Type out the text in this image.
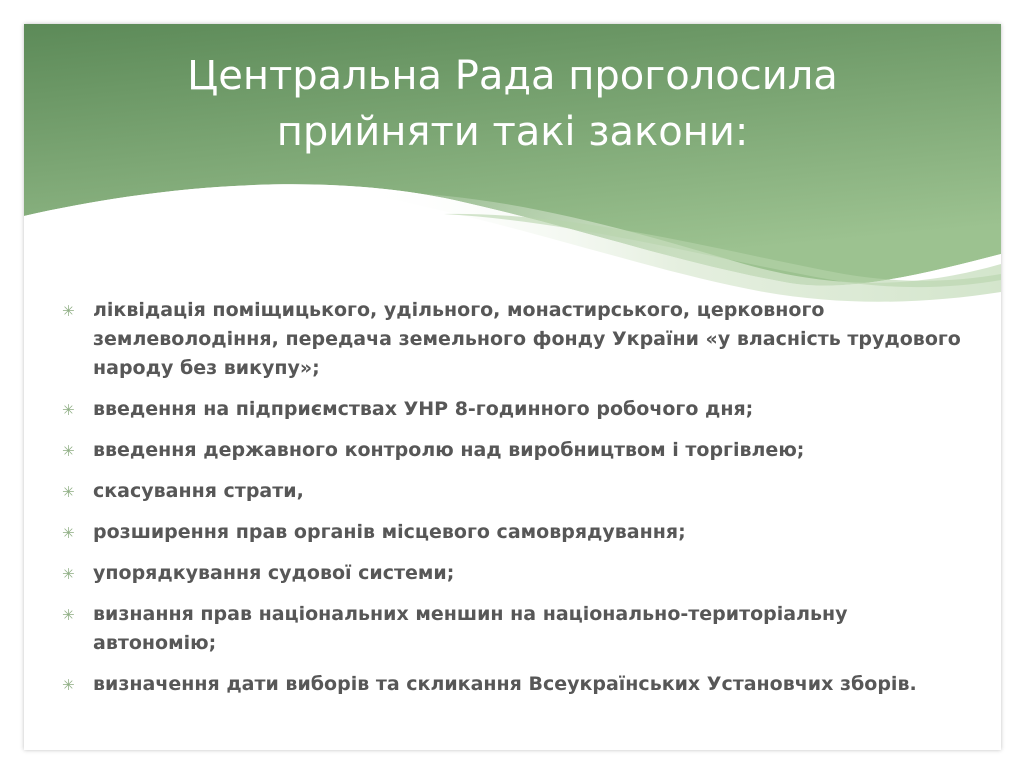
Центральна Рада проголосила
прийняти такі закони:
✳ ліквідація поміщицького, удільного, монастирського, церковного землеволодіння, передача земельного фонду України «у власність трудового народу без викупу»;
✳ введення на підприємствах УНР 8-годинного робочого дня;
✳ введення державного контролю над виробництвом і торгівлею;
✳ скасування страти,
✳ розширення прав органів місцевого самоврядування;
✳ упорядкування судової системи;
✳ визнання прав національних меншин на національно-територіальну автономію;
✳ визначення дати виборів та скликання Всеукраїнських Установчих зборів.
